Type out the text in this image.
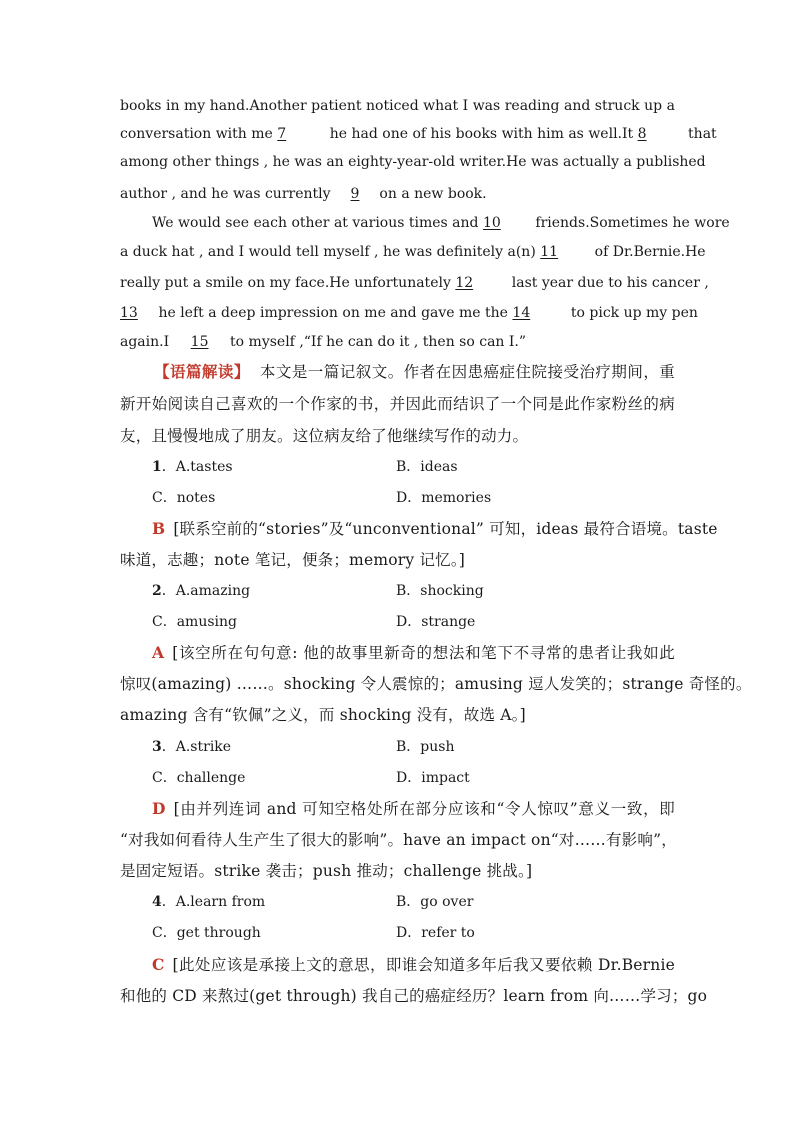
books in my hand.Another patient noticed what I was reading and struck up a
conversation with me 7	he had one of his books with him as well.It 8	that
among other things , he was an eighty-year-old writer.He was actually a published
author , and he was currently 9 on a new book.
We would see each other at various times and 10 friends.Sometimes he wore
a duck hat , and I would tell myself , he was definitely a(n) 11 of Dr.Bernie.He
really put a smile on my face.He unfortunately 12 last year due to his cancer ,
13 he left a deep impression on me and gave me the 14	to pick up my pen
again.I 15 to myself ,“If he can do it , then so can I.”
【语篇解读】 本文是一篇记叙文。作者在因患癌症住院接受治疗期间，重
新开始阅读自己喜欢的一个作家的书，并因此而结识了一个同是此作家粉丝的病
友，且慢慢地成了朋友。这位病友给了他继续写作的动力。
1．A.tastes	B．ideas
C．notes	D．memories
B [联系空前的“stories”及“unconventional” 可知，ideas 最符合语境。taste
味道，志趣；note 笔记，便条；memory 记忆。]
2．A.amazing	B．shocking
C．amusing	D．strange
A [该空所在句句意: 他的故事里新奇的想法和笔下不寻常的患者让我如此
惊叹(amazing) ……。shocking 令人震惊的；amusing 逗人发笑的；strange 奇怪的。
amazing 含有“钦佩”之义，而 shocking 没有，故选 A。]
3．A.strike	B．push
C．challenge	D．impact
D [由并列连词 and 可知空格处所在部分应该和“令人惊叹”意义一致，即
“对我如何看待人生产生了很大的影响”。have an impact on“对……有影响”，
是固定短语。strike 袭击；push 推动；challenge 挑战。]
4．A.learn from	B．go over
C．get through	D．refer to
C [此处应该是承接上文的意思，即谁会知道多年后我又要依赖 Dr.Bernie
和他的 CD 来熬过(get through) 我自己的癌症经历？learn from 向……学习；go
